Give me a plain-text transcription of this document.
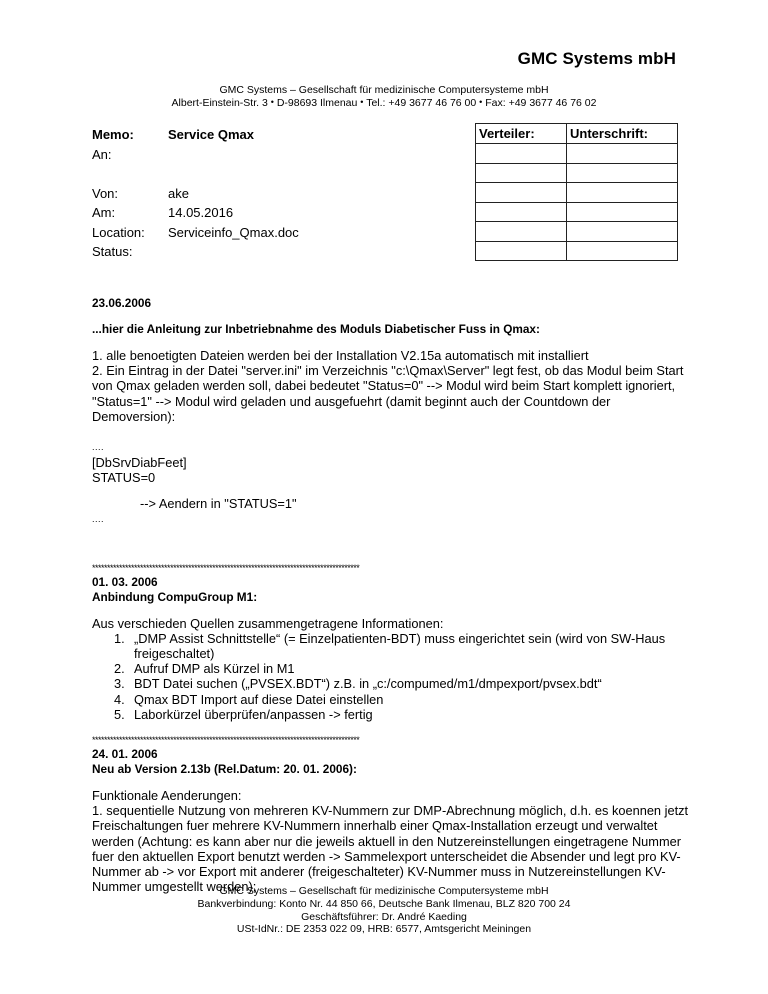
GMC Systems mbH
GMC Systems – Gesellschaft für medizinische Computersysteme mbH
Albert-Einstein-Str. 3 • D-98693 Ilmenau • Tel.: +49 3677 46 76 00 • Fax: +49 3677 46 76 02
Memo:	Service Qmax
An:
Von:	ake
Am:	14.05.2016
Location:	Serviceinfo_Qmax.doc
Status:
Verteiler:	Unterschrift:

23.06.2006
...hier die Anleitung zur Inbetriebnahme des Moduls Diabetischer Fuss in Qmax:

1. alle benoetigten Dateien werden bei der Installation V2.15a automatisch mit installiert

2. Ein Eintrag in der Datei "server.ini" im Verzeichnis "c:\Qmax\Server" legt fest, ob das Modul beim Start von Qmax geladen werden soll, dabei bedeutet "Status=0" --> Modul wird beim Start komplett ignoriert, "Status=1" --> Modul wird geladen und ausgefuehrt (damit beginnt auch der Countdown der Demoversion):

....
[DbSrvDiabFeet]
STATUS=0
--> Aendern in "STATUS=1"
....
*****************************************************************************************
01. 03. 2006
Anbindung CompuGroup M1:

Aus verschieden Quellen zusammengetragene Informationen:

1. „DMP Assist Schnittstelle“ (= Einzelpatienten-BDT) muss eingerichtet sein (wird von SW-Haus freigeschaltet)
2. Aufruf DMP als Kürzel in M1
3. BDT Datei suchen („PVSEX.BDT“) z.B. in „c:/compumed/m1/dmpexport/pvsex.bdt“
4. Qmax BDT Import auf diese Datei einstellen
5. Laborkürzel überprüfen/anpassen -> fertig
*****************************************************************************************
24. 01. 2006
Neu ab Version 2.13b (Rel.Datum: 20. 01. 2006):

Funktionale Aenderungen:

1. sequentielle Nutzung von mehreren KV-Nummern zur DMP-Abrechnung möglich, d.h. es koennen jetzt Freischaltungen fuer mehrere KV-Nummern innerhalb einer Qmax-Installation erzeugt und verwaltet werden (Achtung: es kann aber nur die jeweils aktuell in den Nutzereinstellungen eingetragene Nummer fuer den aktuellen Export benutzt werden -> Sammelexport unterscheidet die Absender und legt pro KV- Nummer ab -> vor Export mit anderer (freigeschalteter) KV-Nummer muss in Nutzereinstellungen KV-Nummer umgestellt werden);

GMC Systems – Gesellschaft für medizinische Computersysteme mbH
Bankverbindung: Konto Nr. 44 850 66, Deutsche Bank Ilmenau, BLZ 820 700 24
Geschäftsführer: Dr. André Kaeding
USt-IdNr.: DE 2353 022 09, HRB: 6577, Amtsgericht Meiningen
